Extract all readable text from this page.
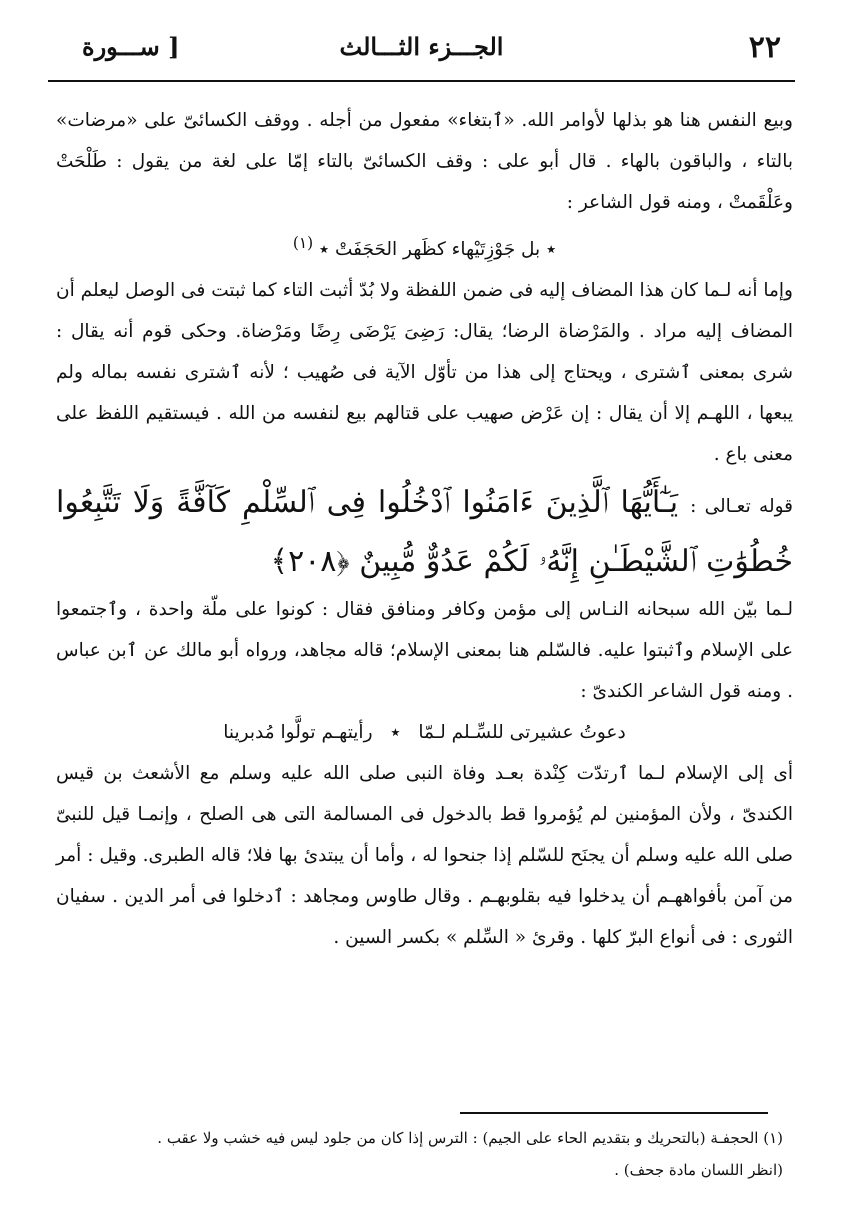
٢٢
الجـــزء الثـــالث
ســـورة ]

وبيع النفس هنا هو بذلها لأوامر الله. «ٱبتغاء» مفعول من أجله . ووقف الكسائىّ على «مرضات» بالتاء ، والباقون بالهاء . قال أبو على : وقف الكسائىّ بالتاء إمّا على لغة من يقول : طَلْحَتْ وعَلْقَمتْ ، ومنه قول الشاعر :

٭ بل جَوْزِتَيْهاء كظَهر الحَجَفَتْ ٭ $^{(١)}$

وإما أنه لـما كان هذا المضاف إليه فى ضمن اللفظة ولا بُدّ أثبت التاء كما ثبتت فى الوصل ليعلم أن المضاف إليه مراد . والمَرْضاة الرضا؛ يقال: رَضِىَ يَرْضَى رِضًا ومَرْضاة. وحكى قوم أنه يقال : شرى بمعنى ٱشترى ، ويحتاج إلى هذا من تأوّل الآية فى صُهيب ؛ لأنه ٱشترى نفسه بماله ولم يبعها ، اللهـم إلا أن يقال : إن عَرْض صهيب على قتالهم بيع لنفسه من الله . فيستقيم اللفظ على معنى باع .

قوله تعـالى : يَـٰٓأَيُّهَا ٱلَّذِينَ ءَامَنُوا ٱدْخُلُوا فِى ٱلسِّلْمِ كَآفَّةً وَلَا تَتَّبِعُوا خُطُوَٰتِ ٱلشَّيْطَـٰنِ إِنَّهُۥ لَكُمْ عَدُوٌّ مُّبِينٌ ﴿٢٠٨﴾

لـما بيّن الله سبحانه النـاس إلى مؤمن وكافر ومنافق فقال : كونوا على ملّة واحدة ، وٱجتمعوا على الإسلام وٱثبتوا عليه. فالسّلم هنا بمعنى الإسلام؛ قاله مجاهد، ورواه أبو مالك عن ٱبن عباس . ومنه قول الشاعر الكندىّ :

دعوتُ عشيرتى للسِّـلم لـمّا ٭ رأيتهـم تولَّوا مُدبرينا

أى إلى الإسلام لـما ٱرتدّت كِنْدة بعـد وفاة النبى صلى الله عليه وسلم مع الأشعث بن قيس الكندىّ ، ولأن المؤمنين لم يُؤمروا قط بالدخول فى المسالمة التى هى الصلح ، وإنمـا قيل للنبىّ صلى الله عليه وسلم أن يجنَح للسّلم إذا جنحوا له ، وأما أن يبتدئ بها فلا؛ قاله الطبرى. وقيل : أمر من آمن بأفواههـم أن يدخلوا فيه بقلوبهـم . وقال طاوس ومجاهد : ٱدخلوا فى أمر الدين . سفيان الثورى : فى أنواع البرّ كلها . وقرئ « السِّلم » بكسر السين .

(١) الحجفـة (بالتحريك و بتقديم الحاء على الجيم) : الترس إذا كان من جلود ليس فيه خشب ولا عقب .

(انظر اللسان مادة جحف) .
